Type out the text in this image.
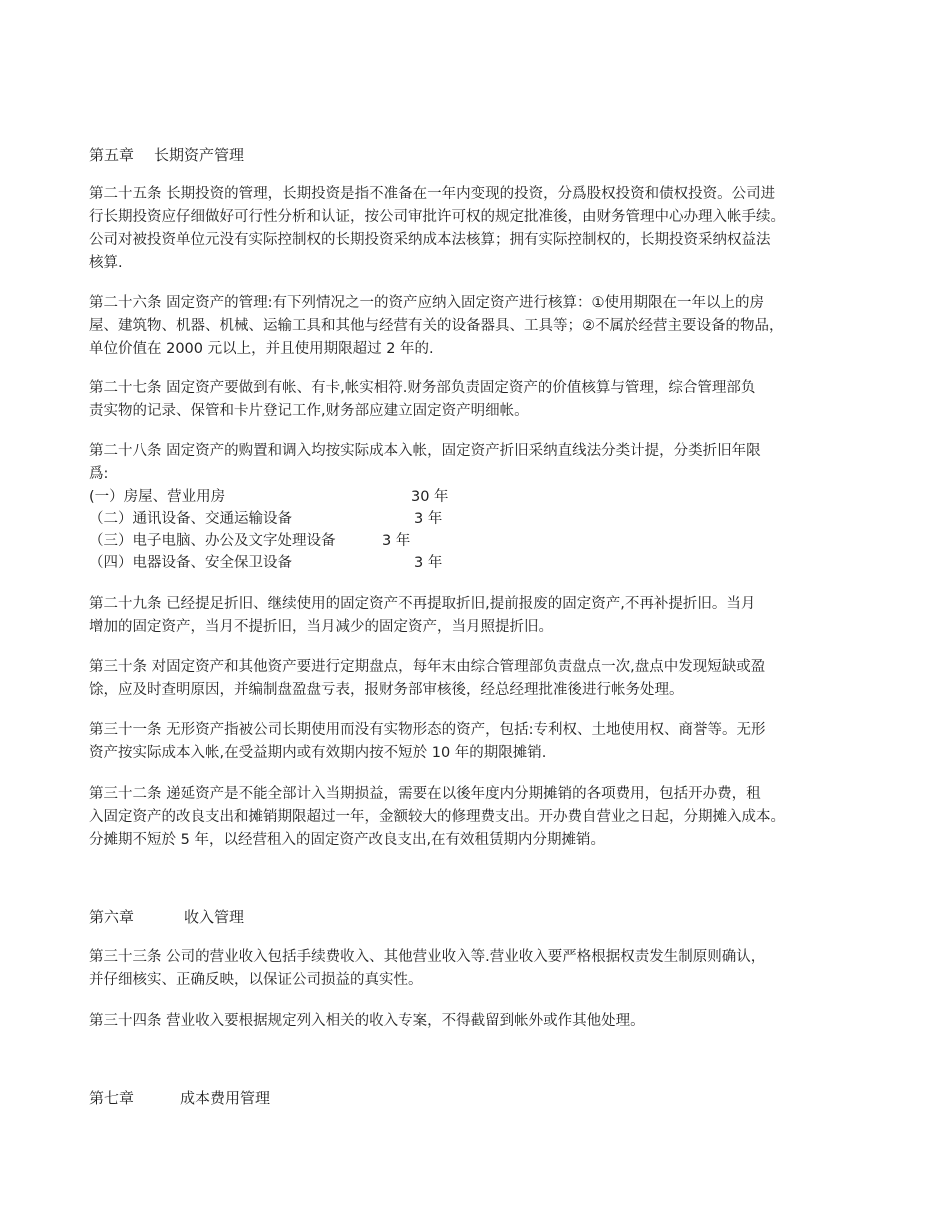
第五章 长期资产管理
第二十五条 长期投资的管理，长期投资是指不准备在一年内变现的投资，分爲股权投资和债权投资。公司进
行长期投资应仔细做好可行性分析和认证，按公司审批许可权的规定批准後，由财务管理中心办理入帐手续。
公司对被投资单位元没有实际控制权的长期投资采纳成本法核算；拥有实际控制权的，长期投资采纳权益法
核算.
第二十六条 固定资产的管理:有下列情况之一的资产应纳入固定资产进行核算：①使用期限在一年以上的房
屋、建筑物、机器、机械、运输工具和其他与经营有关的设备器具、工具等；②不属於经营主要设备的物品，
单位价值在 2000 元以上，并且使用期限超过 2 年的.
第二十七条 固定资产要做到有帐、有卡,帐实相符.财务部负责固定资产的价值核算与管理，综合管理部负
责实物的记录、保管和卡片登记工作,财务部应建立固定资产明细帐。
第二十八条 固定资产的购置和调入均按实际成本入帐，固定资产折旧采纳直线法分类计提，分类折旧年限
爲:
(一）房屋、营业用房	30 年
（二）通讯设备、交通运输设备	3 年
（三）电子电脑、办公及文字处理设备	3 年
（四）电器设备、安全保卫设备	3 年
第二十九条 已经提足折旧、继续使用的固定资产不再提取折旧,提前报废的固定资产,不再补提折旧。当月
增加的固定资产，当月不提折旧，当月减少的固定资产，当月照提折旧。
第三十条 对固定资产和其他资产要进行定期盘点，每年末由综合管理部负责盘点一次,盘点中发现短缺或盈
馀，应及时查明原因，并编制盘盈盘亏表，报财务部审核後，经总经理批准後进行帐务处理。
第三十一条 无形资产指被公司长期使用而没有实物形态的资产，包括:专利权、土地使用权、商誉等。无形
资产按实际成本入帐,在受益期内或有效期内按不短於 10 年的期限摊销.
第三十二条 递延资产是不能全部计入当期损益，需要在以後年度内分期摊销的各项费用，包括开办费，租
入固定资产的改良支出和摊销期限超过一年，金额较大的修理费支出。开办费自营业之日起，分期摊入成本。
分摊期不短於 5 年，以经营租入的固定资产改良支出,在有效租赁期内分期摊销。
第六章	收入管理
第三十三条 公司的营业收入包括手续费收入、其他营业收入等.营业收入要严格根据权责发生制原则确认，
并仔细核实、正确反映，以保证公司损益的真实性。
第三十四条 营业收入要根据规定列入相关的收入专案，不得截留到帐外或作其他处理。
第七章	成本费用管理
